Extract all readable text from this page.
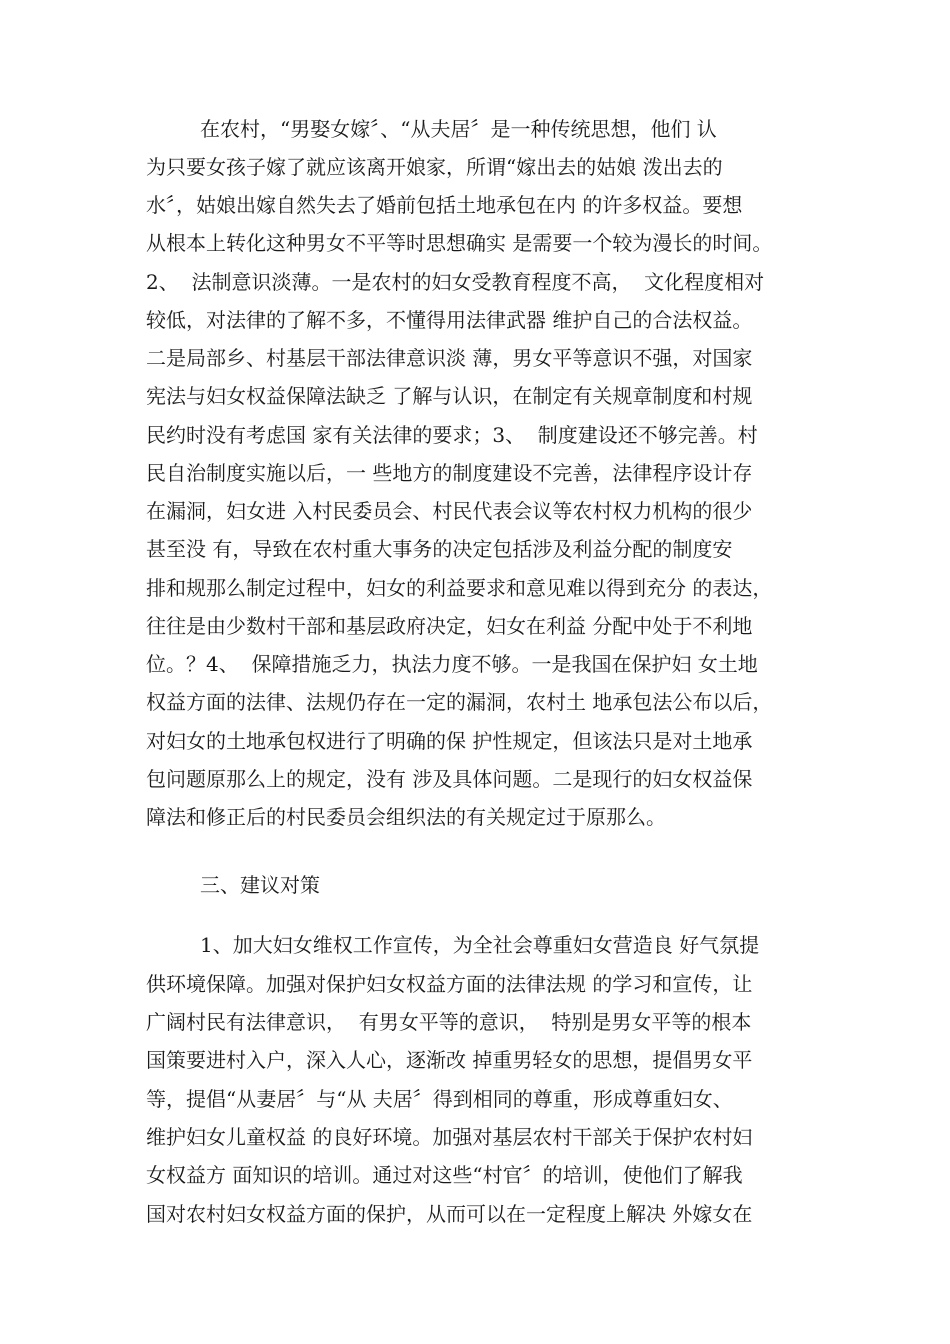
在农村，“男娶女嫁〞、“从夫居〞是一种传统思想，他们 认

为只要女孩子嫁了就应该离开娘家，所谓“嫁出去的姑娘 泼出去的

水〞，姑娘出嫁自然失去了婚前包括土地承包在内 的许多权益。要想

从根本上转化这种男女不平等时思想确实 是需要一个较为漫长的时间。

2、  法制意识淡薄。一是农村的妇女受教育程度不高，  文化程度相对

较低，对法律的了解不多，不懂得用法律武器 维护自己的合法权益。

二是局部乡、村基层干部法律意识淡 薄，男女平等意识不强，对国家

宪法与妇女权益保障法缺乏 了解与认识，在制定有关规章制度和村规

民约时没有考虑国 家有关法律的要求；3、  制度建设还不够完善。村

民自治制度实施以后，一 些地方的制度建设不完善，法律程序设计存

在漏洞，妇女进 入村民委员会、村民代表会议等农村权力机构的很少

甚至没 有，导致在农村重大事务的决定包括涉及利益分配的制度安

排和规那么制定过程中，妇女的利益要求和意见难以得到充分 的表达，

往往是由少数村干部和基层政府决定，妇女在利益 分配中处于不利地

位。？4、  保障措施乏力，执法力度不够。一是我国在保护妇 女土地

权益方面的法律、法规仍存在一定的漏洞，农村土 地承包法公布以后，

对妇女的土地承包权进行了明确的保 护性规定，但该法只是对土地承

包问题原那么上的规定，没有 涉及具体问题。二是现行的妇女权益保

障法和修正后的村民委员会组织法的有关规定过于原那么。

三、建议对策

1、加大妇女维权工作宣传，为全社会尊重妇女营造良 好气氛提

供环境保障。加强对保护妇女权益方面的法律法规 的学习和宣传，让

广阔村民有法律意识，  有男女平等的意识，  特别是男女平等的根本

国策要进村入户，深入人心，逐渐改 掉重男轻女的思想，提倡男女平

等，提倡“从妻居〞与“从 夫居〞得到相同的尊重，形成尊重妇女、

维护妇女儿童权益 的良好环境。加强对基层农村干部关于保护农村妇

女权益方 面知识的培训。通过对这些“村官〞的培训，使他们了解我

国对农村妇女权益方面的保护，从而可以在一定程度上解决 外嫁女在
